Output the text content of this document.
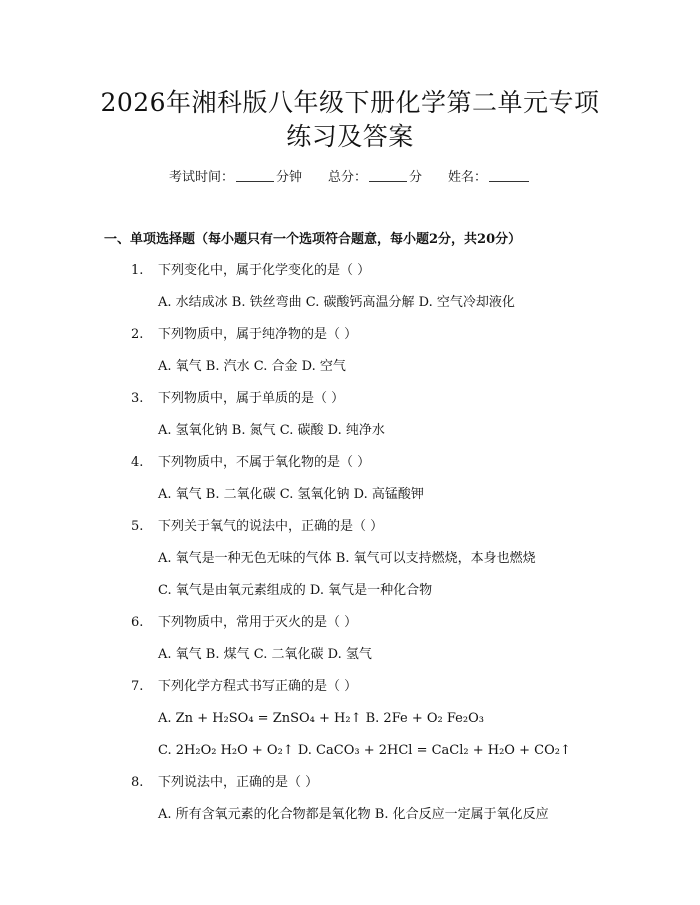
2026年湘科版八年级下册化学第二单元专项
练习及答案
考试时间：	分钟 总分：	分 姓名：
一、单项选择题（每小题只有一个选项符合题意，每小题2分，共20分）
1. 下列变化中，属于化学变化的是（ ）
A. 水结成冰 B. 铁丝弯曲 C. 碳酸钙高温分解 D. 空气冷却液化
2. 下列物质中，属于纯净物的是（ ）
A. 氧气 B. 汽水 C. 合金 D. 空气
3. 下列物质中，属于单质的是（ ）
A. 氢氧化钠 B. 氮气 C. 碳酸 D. 纯净水
4. 下列物质中，不属于氧化物的是（ ）
A. 氧气 B. 二氧化碳 C. 氢氧化钠 D. 高锰酸钾
5. 下列关于氧气的说法中，正确的是（ ）
A. 氧气是一种无色无味的气体 B. 氧气可以支持燃烧，本身也燃烧
C. 氧气是由氧元素组成的 D. 氧气是一种化合物
6. 下列物质中，常用于灭火的是（ ）
A. 氧气 B. 煤气 C. 二氧化碳 D. 氢气
7. 下列化学方程式书写正确的是（ ）
A. Zn + H₂SO₄ = ZnSO₄ + H₂↑ B. 2Fe + O₂ Fe₂O₃
C. 2H₂O₂ H₂O + O₂↑ D. CaCO₃ + 2HCl = CaCl₂ + H₂O + CO₂↑
8. 下列说法中，正确的是（ ）
A. 所有含氧元素的化合物都是氧化物 B. 化合反应一定属于氧化反应
